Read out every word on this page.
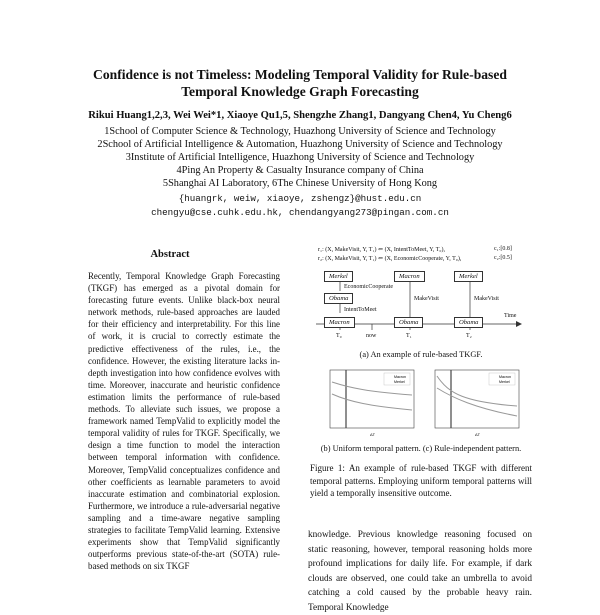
Confidence is not Timeless: Modeling Temporal Validity for Rule-based
Temporal Knowledge Graph Forecasting
Rikui Huang1,2,3, Wei Wei*1, Xiaoye Qu1,5, Shengzhe Zhang1, Dangyang Chen4, Yu Cheng6
1School of Computer Science & Technology, Huazhong University of Science and Technology
2School of Artificial Intelligence & Automation, Huazhong University of Science and Technology
3Institute of Artificial Intelligence, Huazhong University of Science and Technology
4Ping An Property & Casualty Insurance company of China
5Shanghai AI Laboratory, 6The Chinese University of Hong Kong
{huangrk, weiw, xiaoye, zshengz}@hust.edu.cn
chengyu@cse.cuhk.edu.hk, chendangyang273@pingan.com.cn
Abstract

Recently, Temporal Knowledge Graph Forecasting (TKGF) has emerged as a pivotal domain for forecasting future events. Unlike black-box neural network methods, rule-based approaches are lauded for their efficiency and interpretability. For this line of work, it is crucial to correctly estimate the predictive effectiveness of the rules, i.e., the confidence. However, the existing literature lacks in-depth investigation into how confidence evolves with time. Moreover, inaccurate and heuristic confidence estimation limits the performance of rule-based methods. To alleviate such issues, we propose a framework named TempValid to explicitly model the temporal validity of rules for TKGF. Specifically, we design a time function to model the interaction between temporal information with confidence. Moreover, TempValid conceptualizes confidence and other coefficients as learnable parameters to avoid inaccurate estimation and combinatorial explosion. Furthermore, we introduce a rule-adversarial negative sampling and a time-aware negative sampling strategies to facilitate TempValid learning. Extensive experiments show that TempValid significantly outperforms previous state-of-the-art (SOTA) rule-based methods on six TKGF

r₁: (X, MakeVisit, Y, T₁) ⇐ (X, IntentToMeet, Y, T₀),	c₁:[0.8]
r₂: (X, MakeVisit, Y, T₁) ⇐ (X, EconomicCooperate, Y, T₀),	c₂:[0.5]
Merkel
Obama
Macron
Macron
Obama
Merkel
Obama
EconomicCooperate
IntentToMeet
MakeVisit	MakeVisit
T₀	now	T₁	T₂
Time
(a) An example of rule-based TKGF.
Macron
Merkel
ΔT
Macron
Merkel
ΔT
(b) Uniform temporal pattern. (c) Rule-independent pattern.
Figure 1: An example of rule-based TKGF with different temporal patterns. Employing uniform temporal patterns will yield a temporally insensitive outcome.

knowledge. Previous knowledge reasoning focused on static reasoning, however, temporal reasoning holds more profound implications for daily life. For example, if dark clouds are observed, one could take an umbrella to avoid catching a cold caused by the probable heavy rain. Temporal Knowledge
